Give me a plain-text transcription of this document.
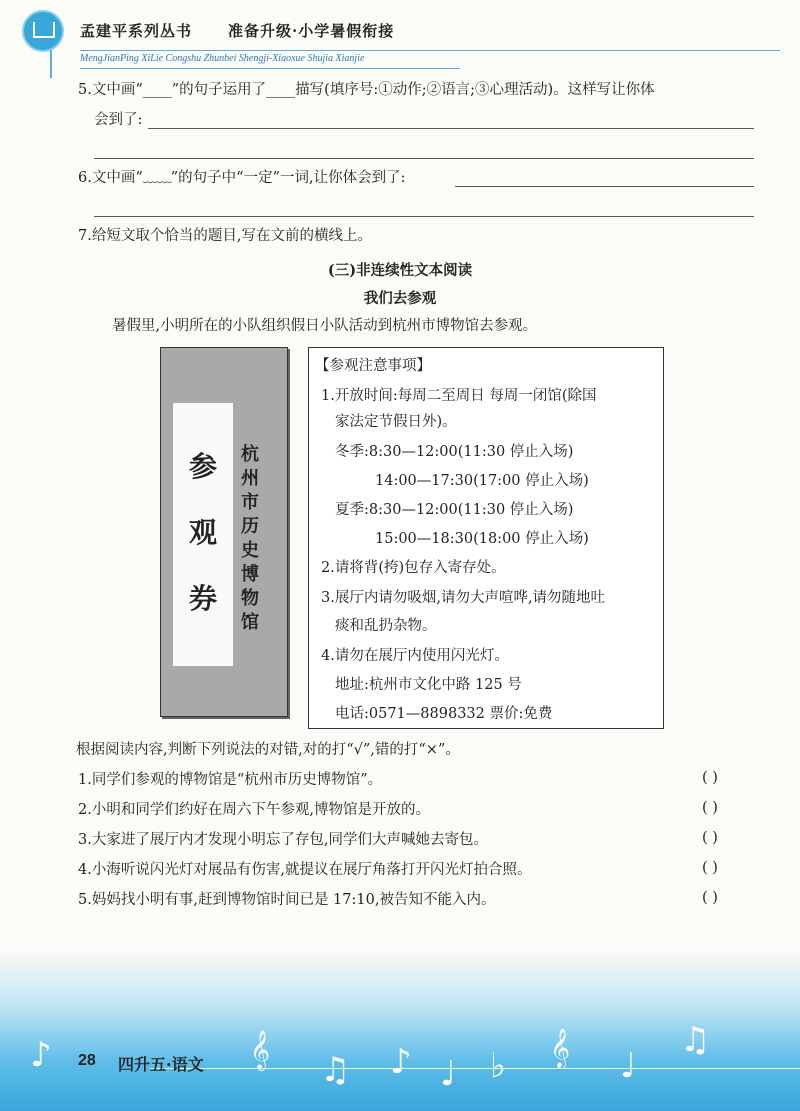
孟建平系列丛书 准备升级·小学暑假衔接
MengJianPing XiLie Congshu Zhunbei Shengji-Xiaoxue Shujia Xianjie
5.文中画“____”的句子运用了____描写(填序号:①动作;②语言;③心理活动)。这样写让你体
会到了:
6.文中画“﹏﹏”的句子中“一定”一词,让你体会到了:
7.给短文取个恰当的题目,写在文前的横线上。
(三)非连续性文本阅读
我们去参观
暑假里,小明所在的小队组织假日小队活动到杭州市博物馆去参观。
参
观
券
杭州市历史博物馆
【参观注意事项】
1.开放时间:每周二至周日 每周一闭馆(除国
家法定节假日外)。
冬季:8:30—12:00(11:30 停止入场)
14:00—17:30(17:00 停止入场)
夏季:8:30—12:00(11:30 停止入场)
15:00—18:30(18:00 停止入场)
2.请将背(挎)包存入寄存处。
3.展厅内请勿吸烟,请勿大声喧哗,请勿随地吐
痰和乱扔杂物。
4.请勿在展厅内使用闪光灯。
地址:杭州市文化中路 125 号
电话:0571—8898332 票价:免费
根据阅读内容,判断下列说法的对错,对的打“√”,错的打“×”。
1.同学们参观的博物馆是“杭州市历史博物馆”。	( )
2.小明和同学们约好在周六下午参观,博物馆是开放的。	( )
3.大家进了展厅内才发现小明忘了存包,同学们大声喊她去寄包。	( )
4.小海听说闪光灯对展品有伤害,就提议在展厅角落打开闪光灯拍合照。	( )
5.妈妈找小明有事,赶到博物馆时间已是 17:10,被告知不能入内。	( )
♪	𝄞 ♫ ♪ ♩ ♭ 𝄞 ♩
♫
28 四升五·语文
